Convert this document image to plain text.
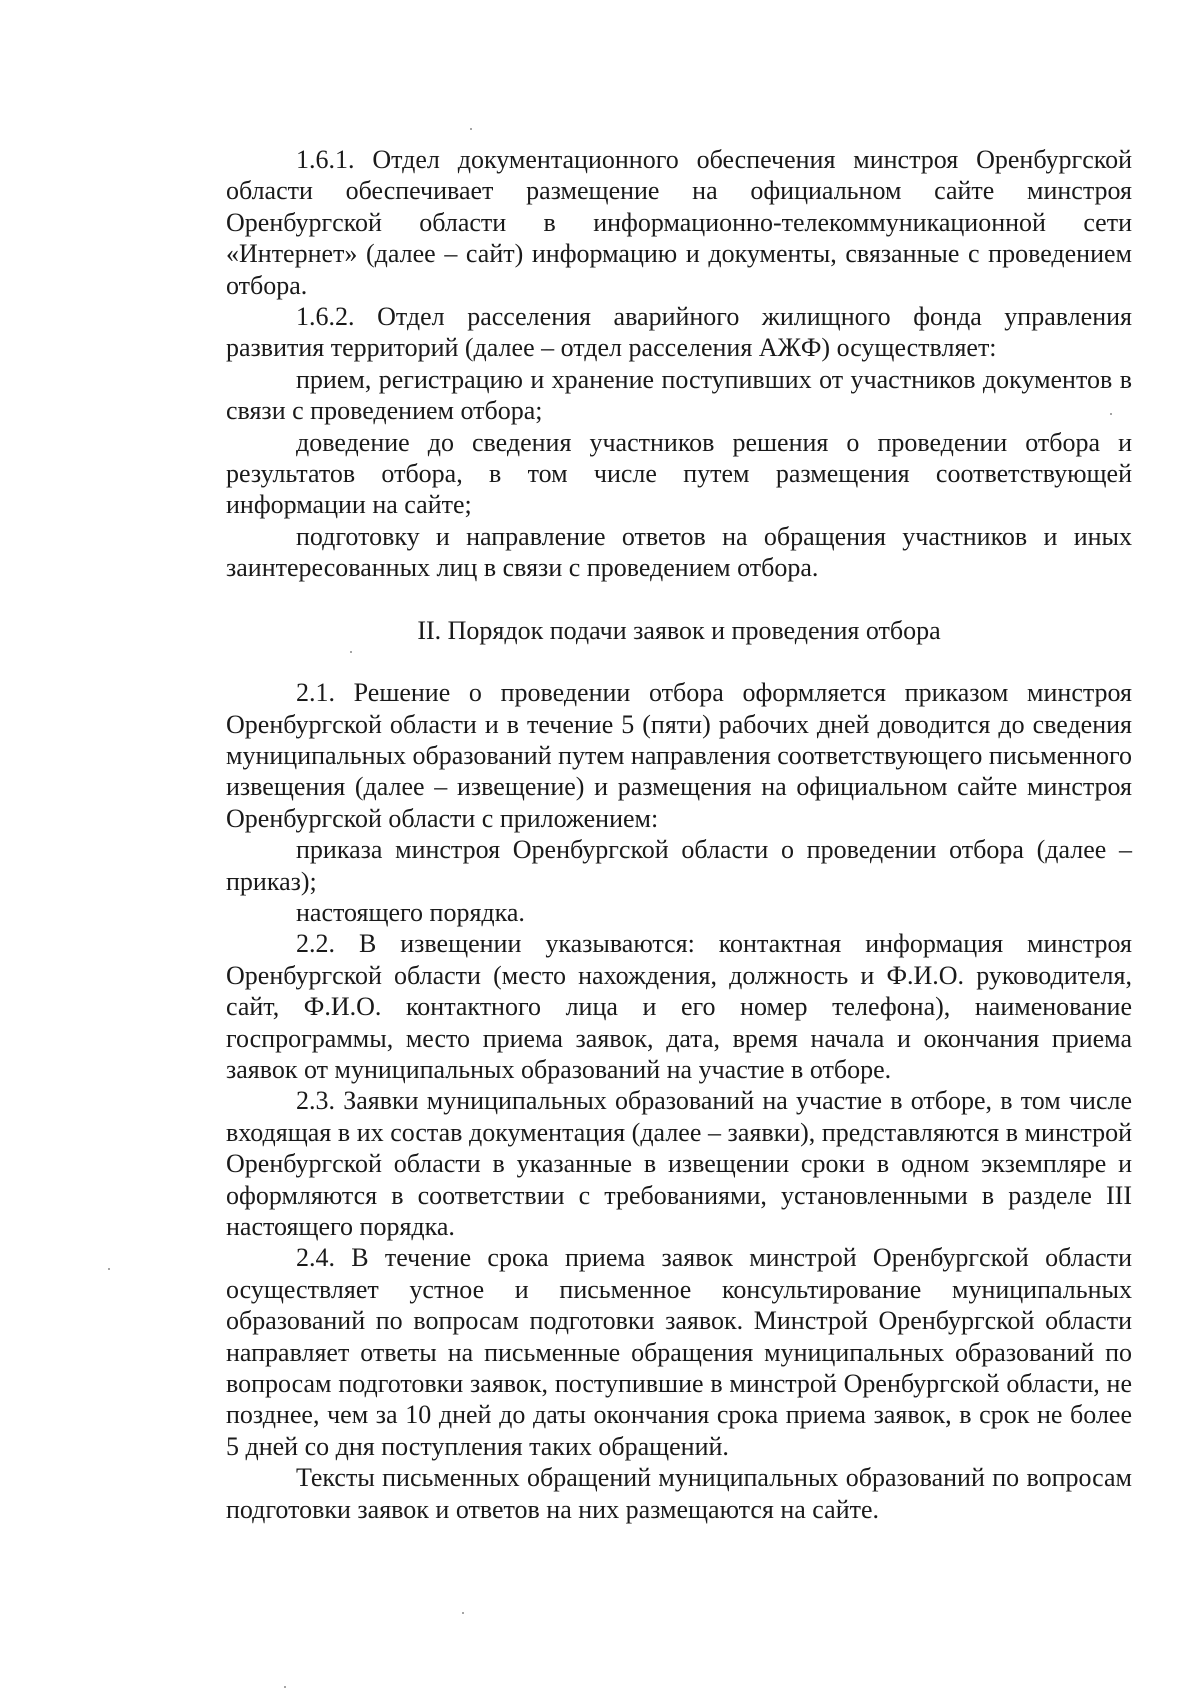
1.6.1. Отдел документационного обеспечения минстроя Оренбургской области обеспечивает размещение на официальном сайте минстроя Оренбургской области в информационно-телекоммуникационной сети «Интернет» (далее – сайт) информацию и документы, связанные с проведением отбора.

1.6.2. Отдел расселения аварийного жилищного фонда управления развития территорий (далее – отдел расселения АЖФ) осуществляет:

прием, регистрацию и хранение поступивших от участников документов в связи с проведением отбора;

доведение до сведения участников решения о проведении отбора и результатов отбора, в том числе путем размещения соответствующей информации на сайте;

подготовку и направление ответов на обращения участников и иных заинтересованных лиц в связи с проведением отбора.

II. Порядок подачи заявок и проведения отбора

2.1. Решение о проведении отбора оформляется приказом минстроя Оренбургской области и в течение 5 (пяти) рабочих дней доводится до сведения муниципальных образований путем направления соответствующего письменного извещения (далее – извещение) и размещения на официальном сайте минстроя Оренбургской области с приложением:

приказа минстроя Оренбургской области о проведении отбора (далее – приказ);

настоящего порядка.

2.2. В извещении указываются: контактная информация минстроя Оренбургской области (место нахождения, должность и Ф.И.О. руководителя, сайт, Ф.И.О. контактного лица и его номер телефона), наименование госпрограммы, место приема заявок, дата, время начала и окончания приема заявок от муниципальных образований на участие в отборе.

2.3. Заявки муниципальных образований на участие в отборе, в том числе входящая в их состав документация (далее – заявки), представляются в минстрой Оренбургской области в указанные в извещении сроки в одном экземпляре и оформляются в соответствии с требованиями, установленными в разделе III настоящего порядка.

2.4. В течение срока приема заявок минстрой Оренбургской области осуществляет устное и письменное консультирование муниципальных образований по вопросам подготовки заявок. Минстрой Оренбургской области направляет ответы на письменные обращения муниципальных образований по вопросам подготовки заявок, поступившие в минстрой Оренбургской области, не позднее, чем за 10 дней до даты окончания срока приема заявок, в срок не более 5 дней со дня поступления таких обращений.

Тексты письменных обращений муниципальных образований по вопросам подготовки заявок и ответов на них размещаются на сайте.
